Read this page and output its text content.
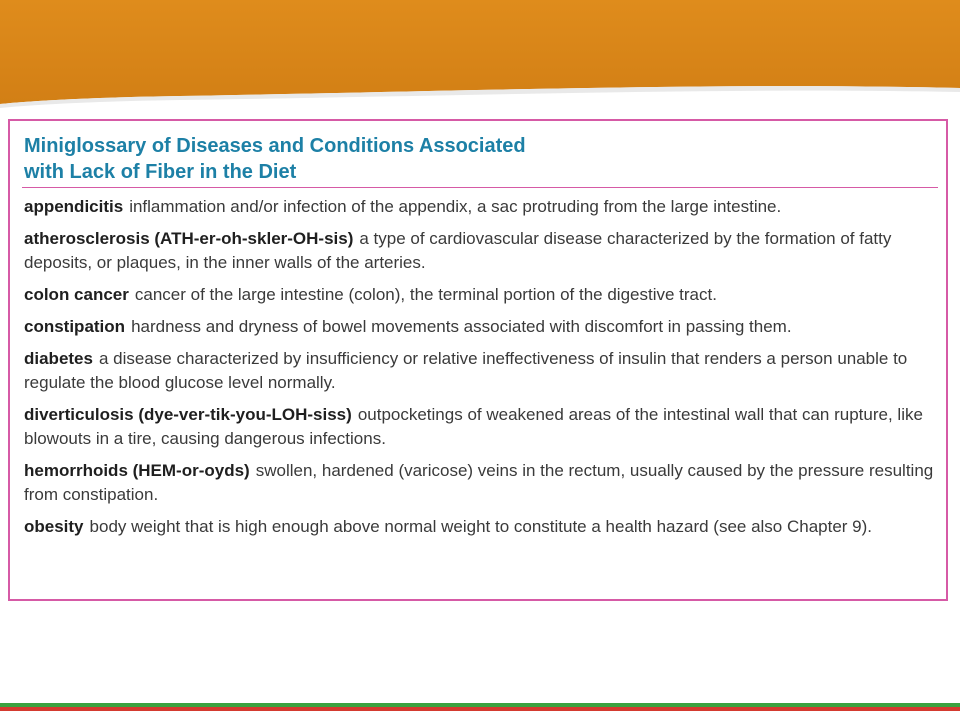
Miniglossary of Diseases and Conditions Associated
with Lack of Fiber in the Diet
appendicitis inflammation and/or infection of the appendix, a sac protruding from the large intestine.
atherosclerosis (ATH-er-oh-skler-OH-sis) a type of cardiovascular disease characterized by the formation of fatty deposits, or plaques, in the inner walls of the arteries.
colon cancer cancer of the large intestine (colon), the terminal portion of the digestive tract.
constipation hardness and dryness of bowel movements associated with discomfort in passing them.
diabetes a disease characterized by insufficiency or relative ineffectiveness of insulin that renders a person unable to regulate the blood glucose level normally.
diverticulosis (dye-ver-tik-you-LOH-siss) outpocketings of weakened areas of the intestinal wall that can rupture, like blowouts in a tire, causing dangerous infections.
hemorrhoids (HEM-or-oyds) swollen, hardened (varicose) veins in the rectum, usually caused by the pressure resulting from constipation.
obesity body weight that is high enough above normal weight to constitute a health hazard (see also Chapter 9).
